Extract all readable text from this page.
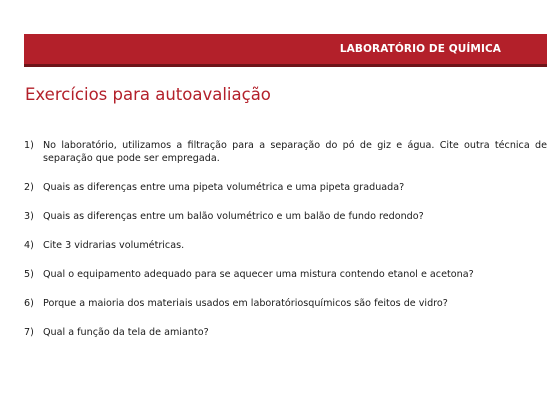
LABORATÓRIO DE QUÍMICA
Exercícios para autoavaliação
1) No laboratório, utilizamos a filtração para a separação do pó de giz e água. Cite outra técnica de separação que pode ser empregada.
2) Quais as diferenças entre uma pipeta volumétrica e uma pipeta graduada?
3) Quais as diferenças entre um balão volumétrico e um balão de fundo redondo?
4) Cite 3 vidrarias volumétricas.
5) Qual o equipamento adequado para se aquecer uma mistura contendo etanol e acetona?
6) Porque a maioria dos materiais usados em laboratóriosquímicos são feitos de vidro?
7) Qual a função da tela de amianto?
